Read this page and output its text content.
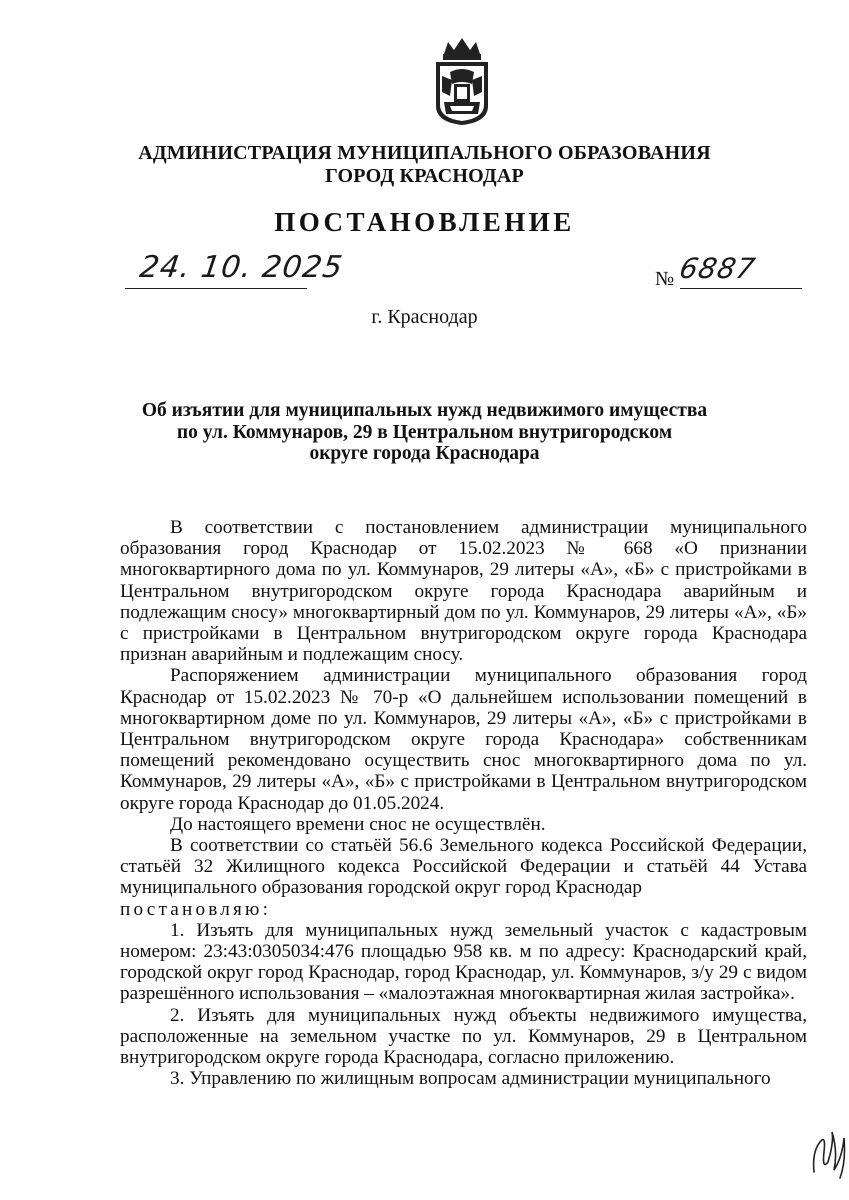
АДМИНИСТРАЦИЯ МУНИЦИПАЛЬНОГО ОБРАЗОВАНИЯ
ГОРОД КРАСНОДАР
ПОСТАНОВЛЕНИЕ
24. 10. 2025	№ 6887
г. Краснодар
Об изъятии для муниципальных нужд недвижимого имущества
по ул. Коммунаров, 29 в Центральном внутригородском
округе города Краснодара

В соответствии с постановлением администрации муниципального образования город Краснодар от 15.02.2023 № 668 «О признании многоквартирного дома по ул. Коммунаров, 29 литеры «А», «Б» с пристройками в Центральном внутригородском округе города Краснодара аварийным и подлежащим сносу» многоквартирный дом по ул. Коммунаров, 29 литеры «А», «Б» с пристройками в Центральном внутригородском округе города Краснодара признан аварийным и подлежащим сносу.

Распоряжением администрации муниципального образования город Краснодар от 15.02.2023 № 70-р «О дальнейшем использовании помещений в многоквартирном доме по ул. Коммунаров, 29 литеры «А», «Б» с пристройками в Центральном внутригородском округе города Краснодара» собственникам помещений рекомендовано осуществить снос многоквартирного дома по ул. Коммунаров, 29 литеры «А», «Б» с пристройками в Центральном внутригородском округе города Краснодар до 01.05.2024.

До настоящего времени снос не осуществлён.

В соответствии со статьёй 56.6 Земельного кодекса Российской Федерации, статьёй 32 Жилищного кодекса Российской Федерации и статьёй 44 Устава муниципального образования городской округ город Краснодар

постановляю:

1. Изъять для муниципальных нужд земельный участок с кадастровым номером: 23:43:0305034:476 площадью 958 кв. м по адресу: Краснодарский край, городской округ город Краснодар, город Краснодар, ул. Коммунаров, з/у 29 с видом разрешённого использования – «малоэтажная многоквартирная жилая застройка».

2. Изъять для муниципальных нужд объекты недвижимого имущества, расположенные на земельном участке по ул. Коммунаров, 29 в Центральном внутригородском округе города Краснодара, согласно приложению.

3. Управлению по жилищным вопросам администрации муниципального
